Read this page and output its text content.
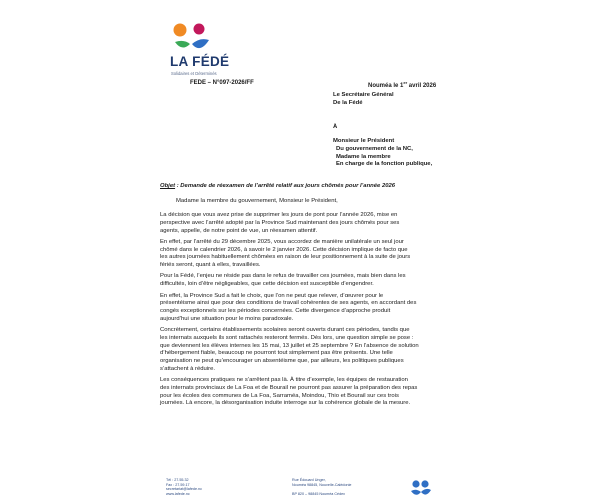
LA FÉDÉ
Solidaires et Déterminés
FEDE – N°097-2026/FF	Nouméa le 1er avril 2026
Le Secrétaire Général
De la Fédé
À
Monsieur le Président
Du gouvernement de la NC,
Madame la membre
En charge de la fonction publique,
Objet : Demande de réexamen de l’arrêté relatif aux jours chômés pour l’année 2026
Madame la membre du gouvernement, Monsieur le Président,

La décision que vous avez prise de supprimer les jours de pont pour l’année 2026, mise en
perspective avec l’arrêté adopté par la Province Sud maintenant des jours chômés pour ses
agents, appelle, de notre point de vue, un réexamen attentif.

En effet, par l’arrêté du 29 décembre 2025, vous accordez de manière unilatérale un seul jour
chômé dans le calendrier 2026, à savoir le 2 janvier 2026. Cette décision implique de facto que
les autres journées habituellement chômées en raison de leur positionnement à la suite de jours
fériés seront, quant à elles, travaillées.

Pour la Fédé, l’enjeu ne réside pas dans le refus de travailler ces journées, mais bien dans les
difficultés, loin d’être négligeables, que cette décision est susceptible d’engendrer.

En effet, la Province Sud a fait le choix, que l’on ne peut que relever, d’œuvrer pour le
présentéisme ainsi que pour des conditions de travail cohérentes de ses agents, en accordant des
congés exceptionnels sur les périodes concernées. Cette divergence d’approche produit
aujourd’hui une situation pour le moins paradoxale.

Concrètement, certains établissements scolaires seront ouverts durant ces périodes, tandis que
les internats auxquels ils sont rattachés resteront fermés. Dès lors, une question simple se pose :
que deviennent les élèves internes les 15 mai, 13 juillet et 25 septembre ? En l’absence de solution
d’hébergement fiable, beaucoup ne pourront tout simplement pas être présents. Une telle
organisation ne peut qu’encourager un absentéisme que, par ailleurs, les politiques publiques
s’attachent à réduire.

Les conséquences pratiques ne s’arrêtent pas là. À titre d’exemple, les équipes de restauration
des internats provinciaux de La Foa et de Bourail ne pourront pas assurer la préparation des repas
pour les écoles des communes de La Foa, Sarraméa, Moindou, Thio et Bourail sur ces trois
journées. Là encore, la désorganisation induite interroge sur la cohérence globale de la mesure.

Tél : 27.55.32
Fax : 27.59.17
secretariat@lafede.nc
www.lafede.nc
Rue Édouard Unger,
Nouméa 98845, Nouvelle-Calédonie
BP 820 – 98845 Nouméa Cédex
